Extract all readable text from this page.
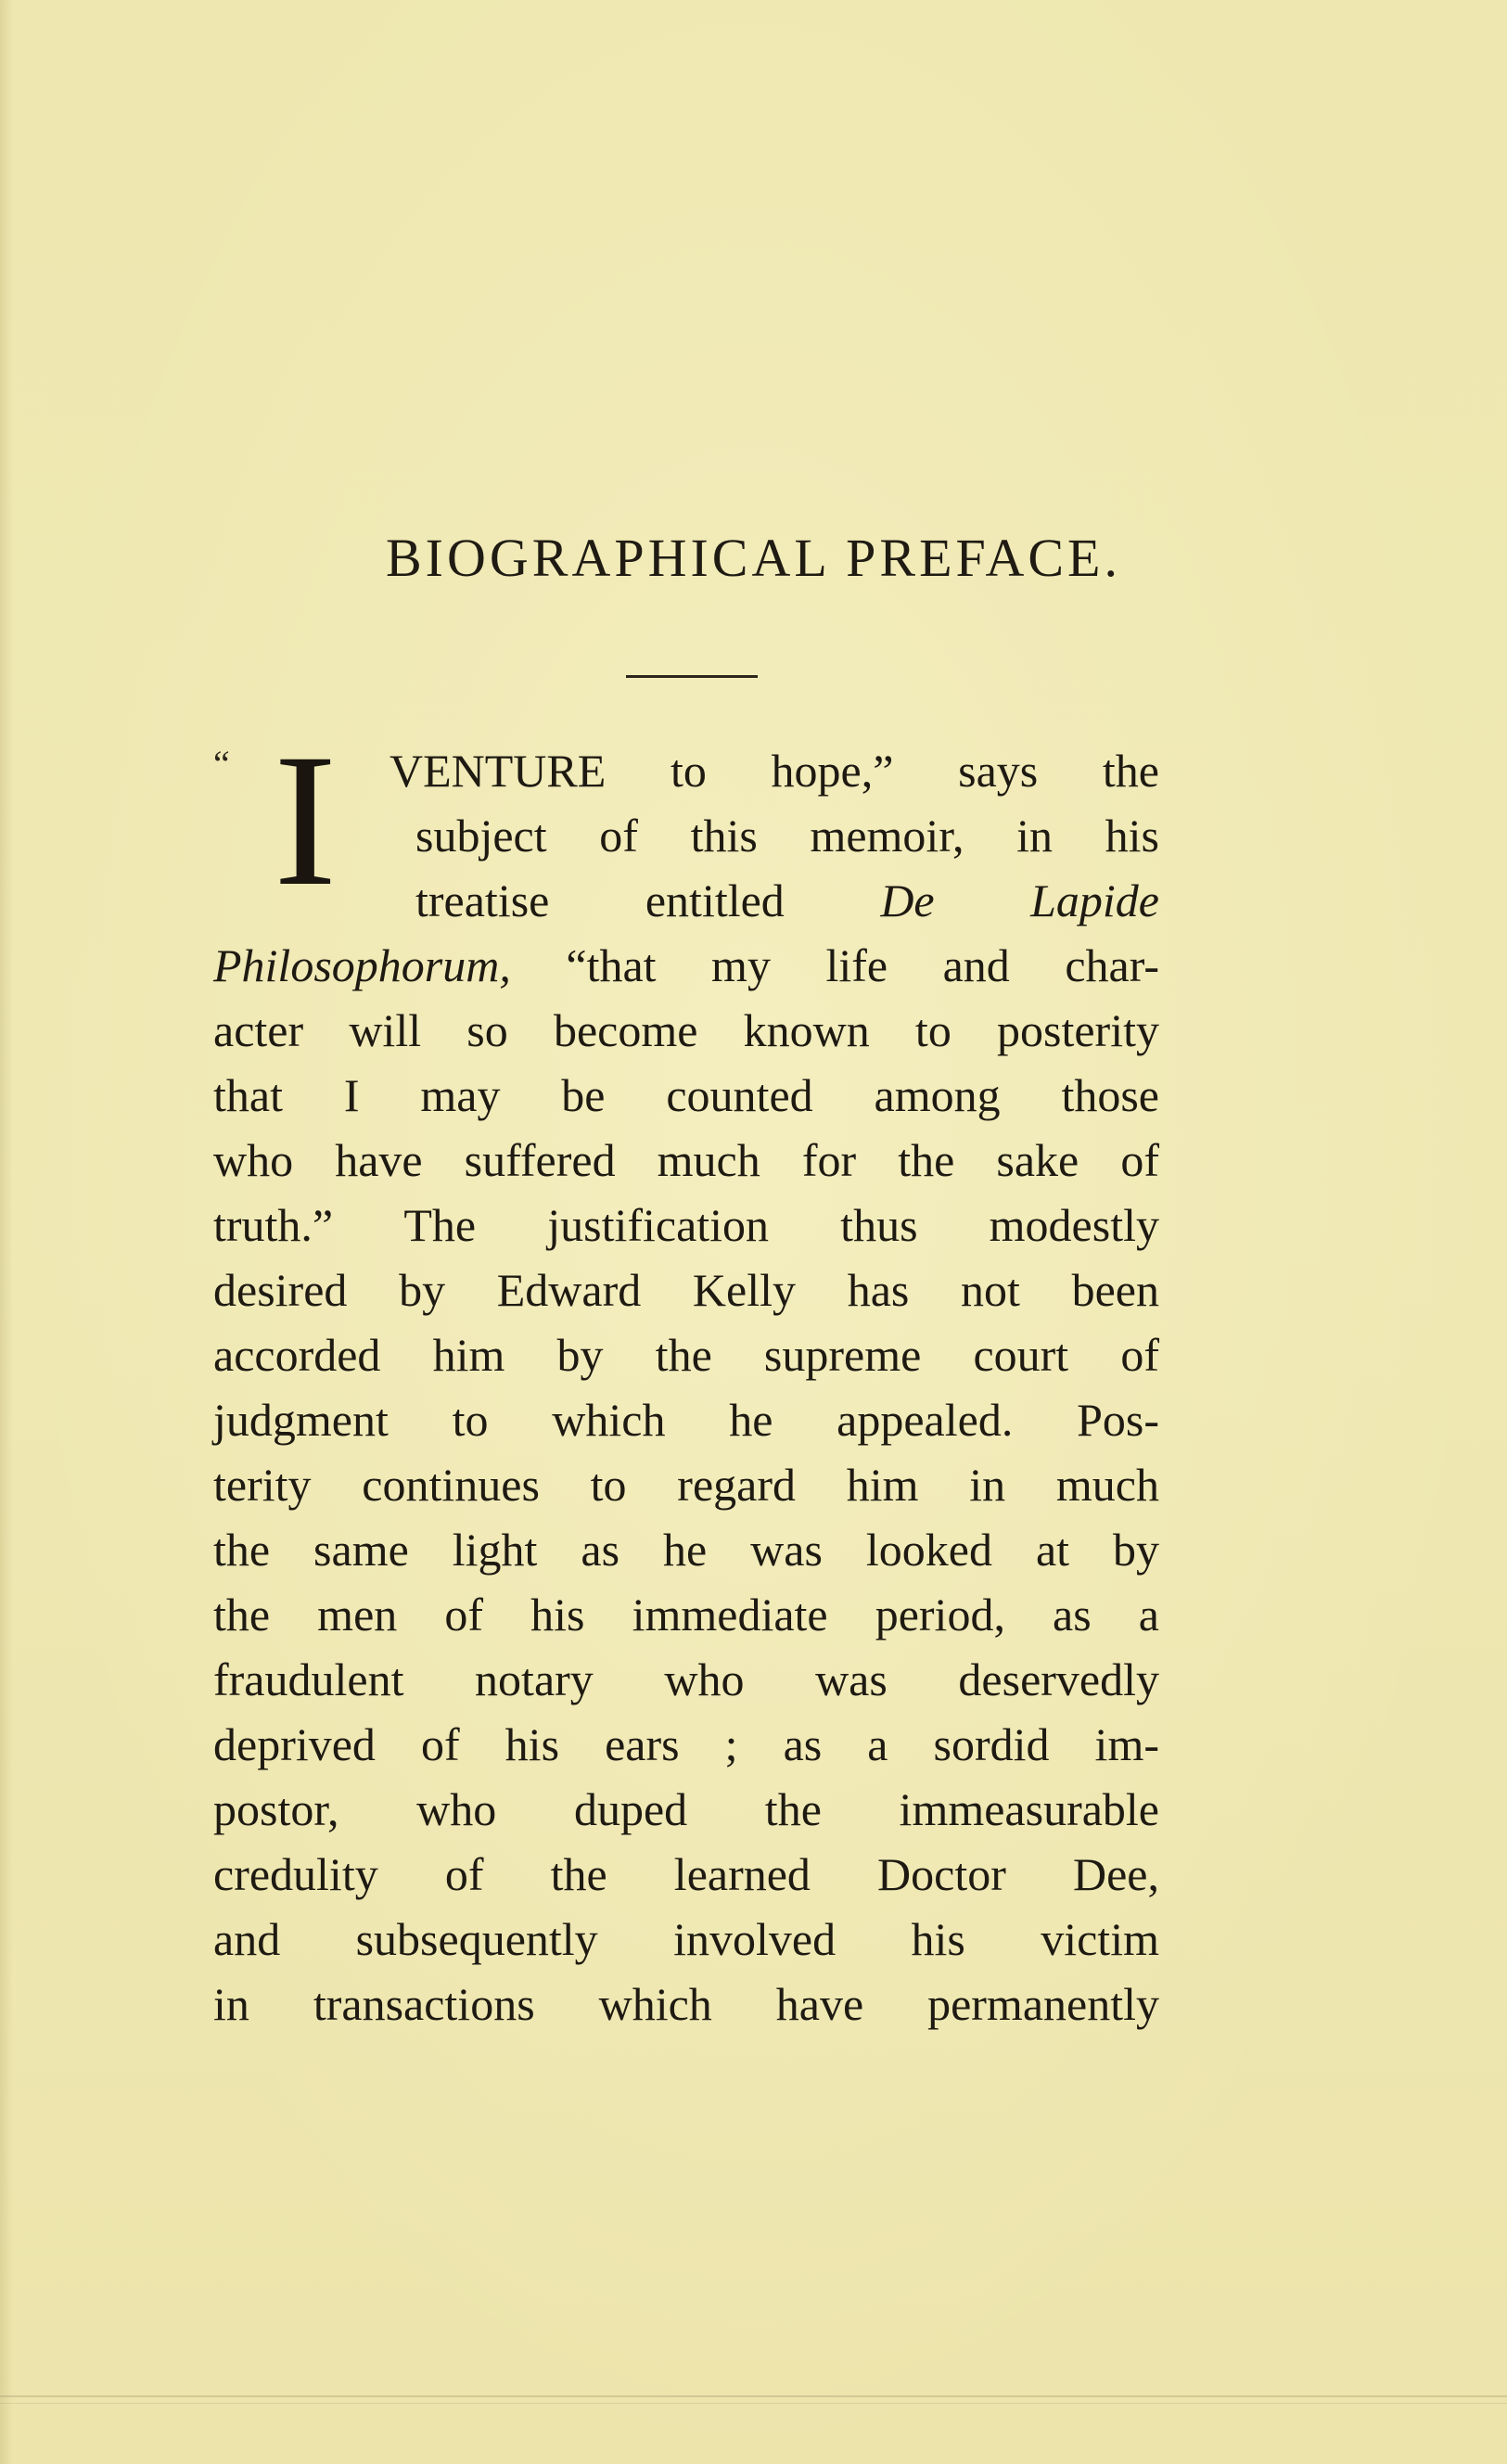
BIOGRAPHICAL PREFACE.
“ I VENTURE to hope,” says the
subject of this memoir, in his
treatise entitled De Lapide
Philosophorum, “that my life and char-
acter will so become known to posterity
that I may be counted among those
who have suffered much for the sake of
truth.” The justification thus modestly
desired by Edward Kelly has not been
accorded him by the supreme court of
judgment to which he appealed. Pos-
terity continues to regard him in much
the same light as he was looked at by
the men of his immediate period, as a
fraudulent notary who was deservedly
deprived of his ears ; as a sordid im-
postor, who duped the immeasurable
credulity of the learned Doctor Dee,
and subsequently involved his victim
in transactions which have permanently
